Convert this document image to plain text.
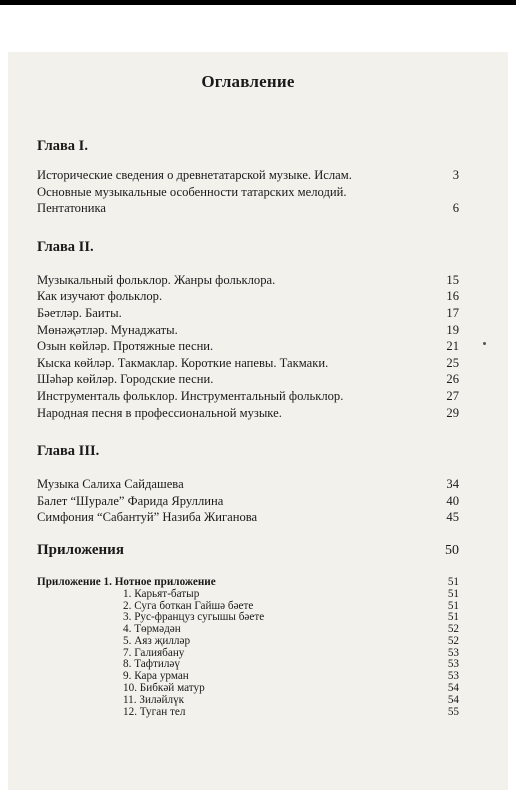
Оглавление
Глава I.
Исторические сведения о древнетатарской музыке. Ислам.	3
Основные музыкальные особенности татарских мелодий.
Пентатоника	6
Глава II.
Музыкальный фольклор. Жанры фольклора.	15
Как изучают фольклор.	16
Бәетләр. Баиты.	17
Мөнәҗәтләр. Мунаджаты.	19
Озын көйләр. Протяжные песни.	21
Кыска көйләр. Такмаклар. Короткие напевы. Такмаки.	25
Шәһәр көйләр. Городские песни.	26
Инструменталь фольклор. Инструментальный фольклор.	27
Народная песня в профессиональной музыке.	29
Глава III.
Музыка Салиха Сайдашева	34
Балет “Шурале” Фарида Яруллина	40
Симфония “Сабантуй” Назиба Жиганова	45
Приложения	50
Приложение 1. Нотное приложение	51
1. Карьят-батыр	51
2. Суга боткан Гайшә бәете	51
3. Рус-француз сугышы бәете	51
4. Төрмәдән	52
5. Аяз җилләр	52
7. Галиябану	53
8. Тафтиләү	53
9. Кара урман	53
10. Бибкәй матур	54
11. Зиләйлүк	54
12. Туган тел	55
